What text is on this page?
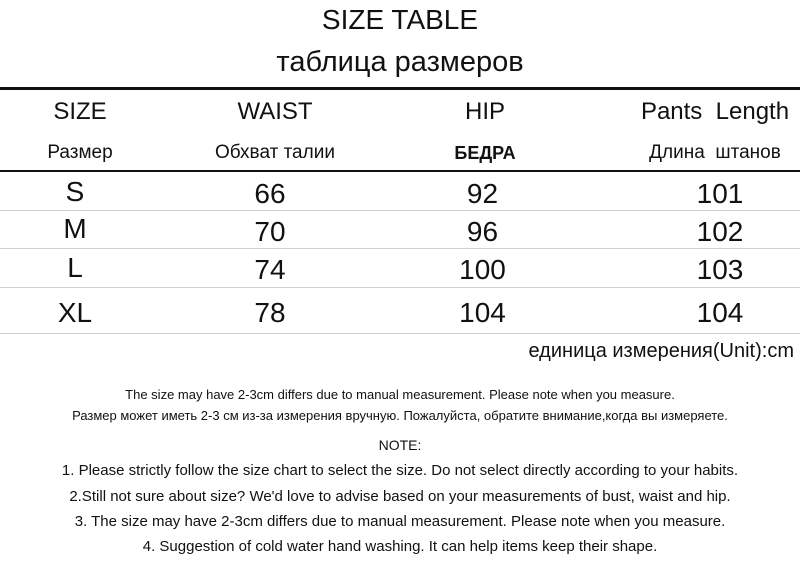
SIZE TABLE
таблица размеров
SIZE	WAIST	HIP	Pants  Length
Размер	Обхват талии	БЕДРА	Длина  штанов
S	66	92	101
M	70	96	102
L	74	100	103
XL	78	104	104
единица измерения(Unit):cm
The size may have 2-3cm differs due to manual measurement. Please note when you measure.
Размер может иметь 2-3 см из-за измерения вручную. Пожалуйста, обратите внимание,когда вы измеряете.
NOTE:
1. Please strictly follow the size chart to select the size. Do not select directly according to your habits.
2.Still not sure about size? We'd love to advise based on your measurements of bust, waist and hip.
3. The size may have 2-3cm differs due to manual measurement. Please note when you measure.
4. Suggestion of cold water hand washing. It can help items keep their shape.
